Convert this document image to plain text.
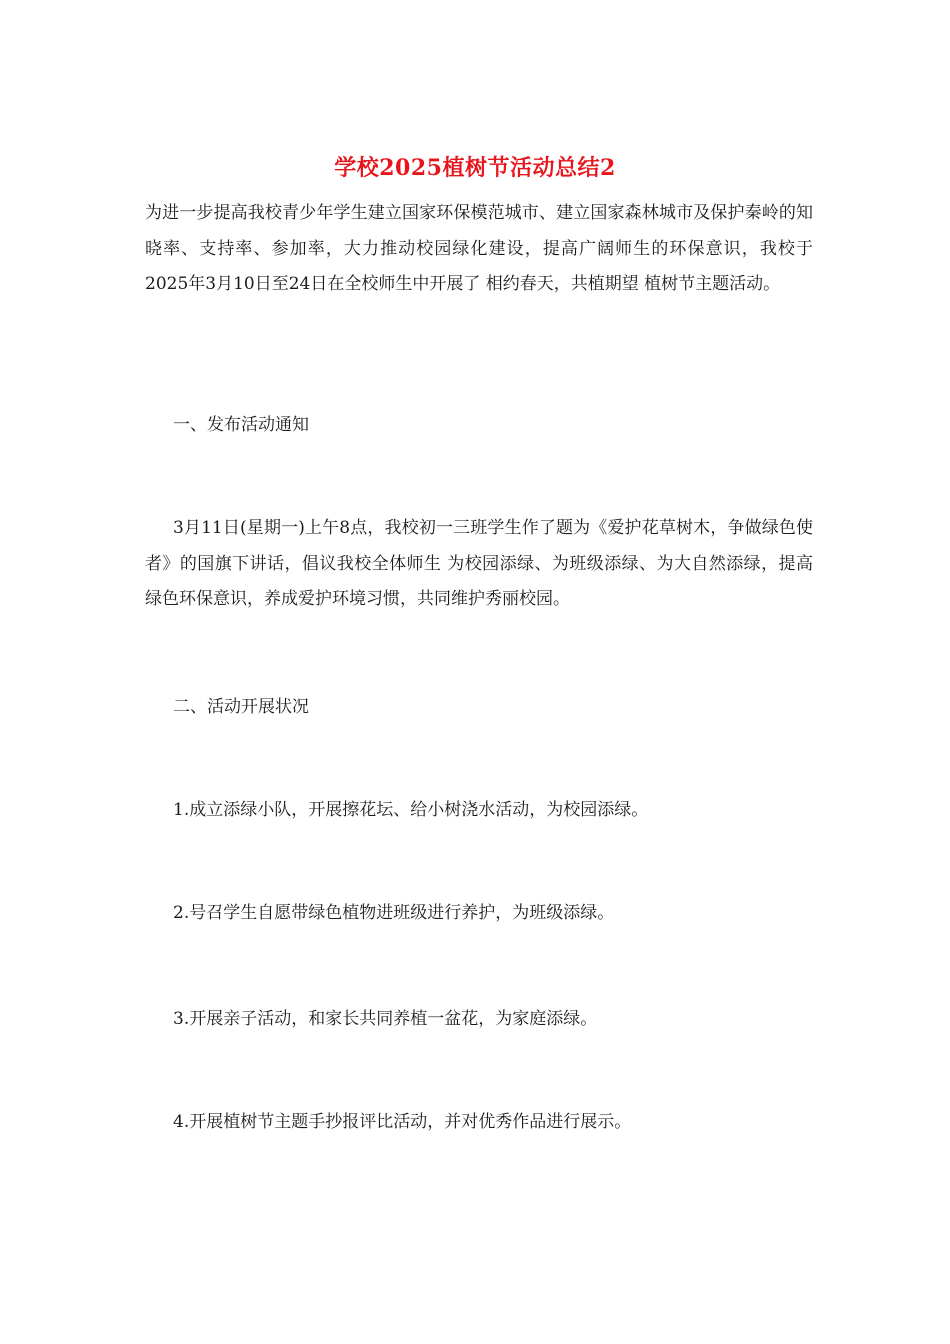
学校2025植树节活动总结2
为进一步提高我校青少年学生建立国家环保模范城市、建立国家森林城市及保护秦岭的知晓率、支持率、参加率，大力推动校园绿化建设，提高广阔师生的环保意识，我校于2025年3月10日至24日在全校师生中开展了 相约春天，共植期望 植树节主题活动。
一、发布活动通知
3月11日(星期一)上午8点，我校初一三班学生作了题为《爱护花草树木，争做绿色使者》的国旗下讲话，倡议我校全体师生 为校园添绿、为班级添绿、为大自然添绿，提高绿色环保意识，养成爱护环境习惯，共同维护秀丽校园。
二、活动开展状况
1.成立添绿小队，开展擦花坛、给小树浇水活动，为校园添绿。
2.号召学生自愿带绿色植物进班级进行养护，为班级添绿。
3.开展亲子活动，和家长共同养植一盆花，为家庭添绿。
4.开展植树节主题手抄报评比活动，并对优秀作品进行展示。
